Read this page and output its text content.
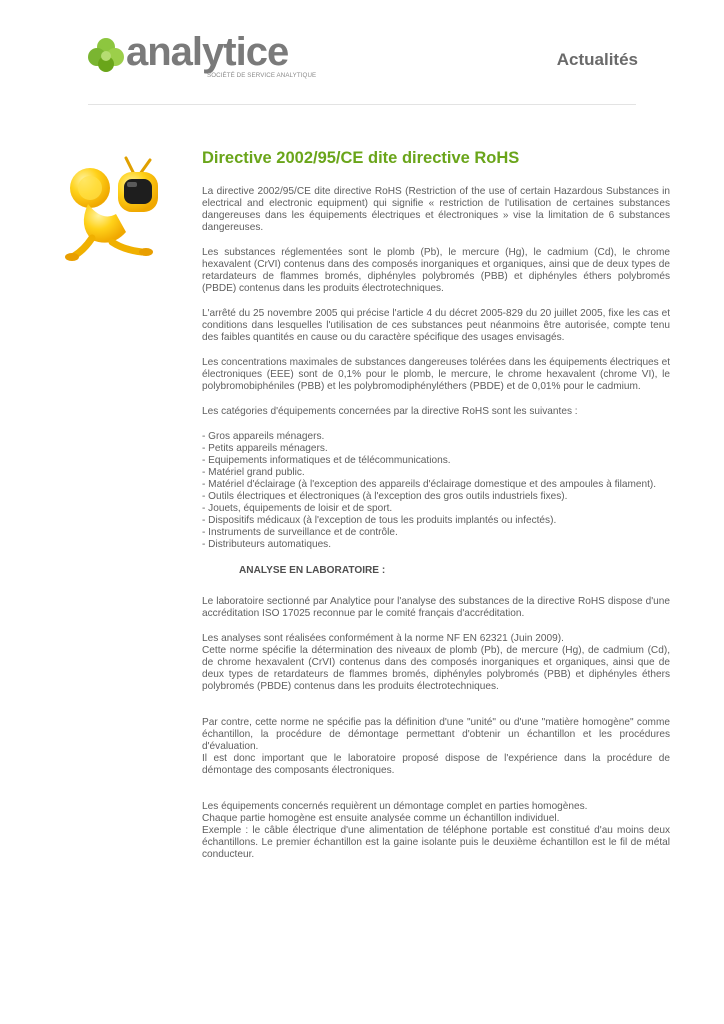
analytice
SOCIÉTÉ DE SERVICE ANALYTIQUE
Actualités
Directive 2002/95/CE dite directive RoHS

La directive 2002/95/CE dite directive RoHS (Restriction of the use of certain Hazardous Substances in electrical and electronic equipment) qui signifie « restriction de l'utilisation de certaines substances dangereuses dans les équipements électriques et électroniques » vise la limitation de 6 substances dangereuses.

Les substances réglementées sont le plomb (Pb), le mercure (Hg), le cadmium (Cd), le chrome hexavalent (CrVI) contenus dans des composés inorganiques et organiques, ainsi que de deux types de retardateurs de flammes bromés, diphényles polybromés (PBB) et diphényles éthers polybromés (PBDE) contenus dans les produits électrotechniques.

L'arrêté du 25 novembre 2005 qui précise l'article 4 du décret 2005-829 du 20 juillet 2005, fixe les cas et conditions dans lesquelles l'utilisation de ces substances peut néanmoins être autorisée, compte tenu des faibles quantités en cause ou du caractère spécifique des usages envisagés.

Les concentrations maximales de substances dangereuses tolérées dans les équipements électriques et électroniques (EEE) sont de 0,1% pour le plomb, le mercure, le chrome hexavalent (chrome VI), le polybromobiphéniles (PBB) et les polybromodiphényléthers (PBDE) et de 0,01% pour le cadmium.

Les catégories d'équipements concernées par la directive RoHS sont les suivantes :

- Gros appareils ménagers.
- Petits appareils ménagers.
- Equipements informatiques et de télécommunications.
- Matériel grand public.
- Matériel d'éclairage (à l'exception des appareils d'éclairage domestique et des ampoules à filament).
- Outils électriques et électroniques (à l'exception des gros outils industriels fixes).
- Jouets, équipements de loisir et de sport.
- Dispositifs médicaux (à l'exception de tous les produits implantés ou infectés).
- Instruments de surveillance et de contrôle.
- Distributeurs automatiques.
ANALYSE EN LABORATOIRE :

Le laboratoire sectionné par Analytice pour l'analyse des substances de la directive RoHS dispose d'une accréditation ISO 17025 reconnue par le comité français d'accréditation.

Les analyses sont réalisées conformément à la norme NF EN 62321 (Juin 2009).

Cette norme spécifie la détermination des niveaux de plomb (Pb), de mercure (Hg), de cadmium (Cd), de chrome hexavalent (CrVI) contenus dans des composés inorganiques et organiques, ainsi que de deux types de retardateurs de flammes bromés, diphényles polybromés (PBB) et diphényles éthers polybromés (PBDE) contenus dans les produits électrotechniques.

Par contre, cette norme ne spécifie pas la définition d'une "unité" ou d'une "matière homogène" comme échantillon, la procédure de démontage permettant d'obtenir un échantillon et les procédures d'évaluation.

Il est donc important que le laboratoire proposé dispose de l'expérience dans la procédure de démontage des composants électroniques.

Les équipements concernés requièrent un démontage complet en parties homogènes.

Chaque partie homogène est ensuite analysée comme un échantillon individuel.

Exemple : le câble électrique d'une alimentation de téléphone portable est constitué d'au moins deux échantillons. Le premier échantillon est la gaine isolante puis le deuxième échantillon est le fil de métal conducteur.
